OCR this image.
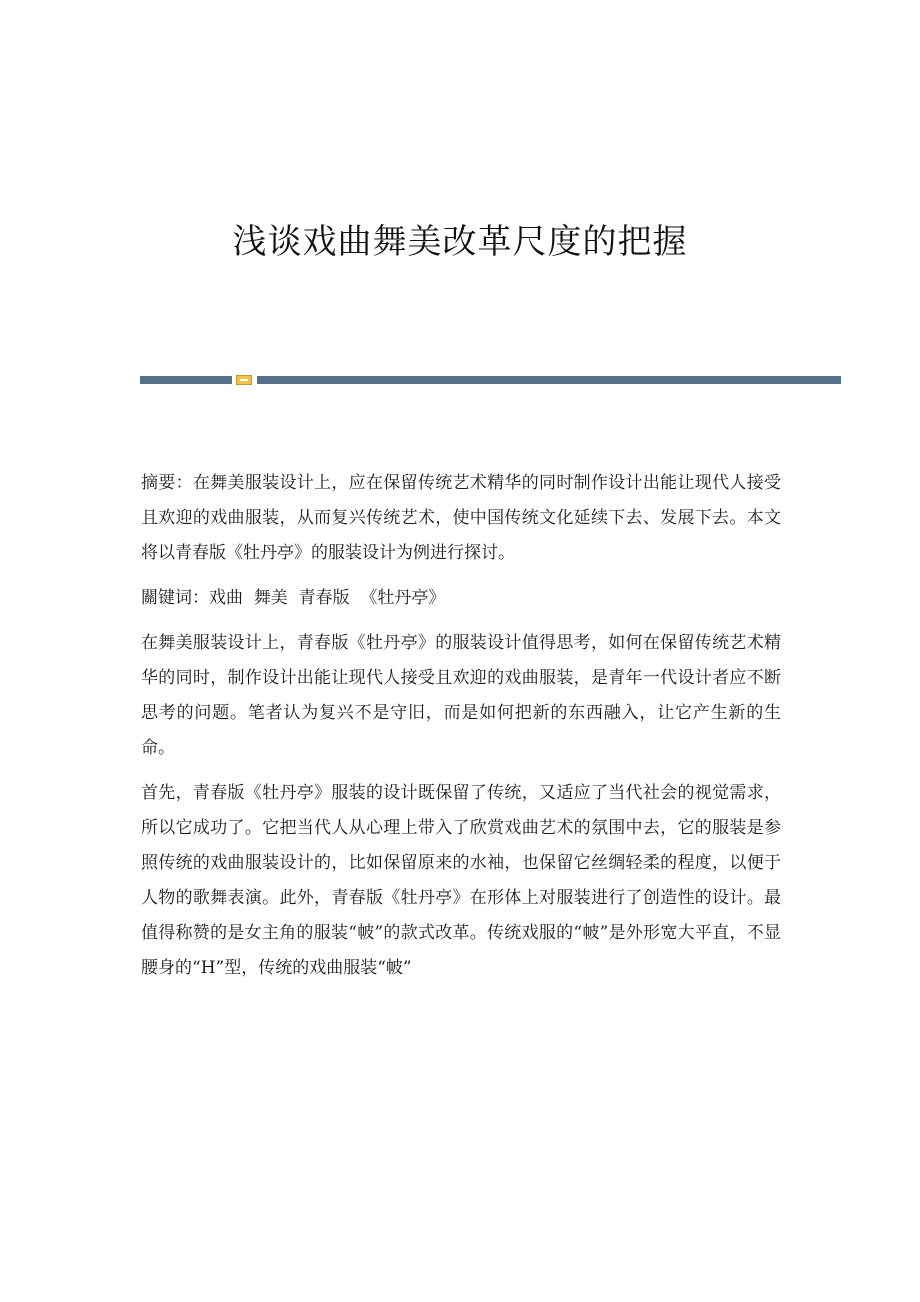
浅谈戏曲舞美改革尺度的把握

摘要：在舞美服装设计上，应在保留传统艺术精华的同时制作设计出能让现代人接受且欢迎的戏曲服装，从而复兴传统艺术，使中国传统文化延续下去、发展下去。本文将以青春版《牡丹亭》的服装设计为例进行探讨。

關键词：戏曲  舞美  青春版  《牡丹亭》

在舞美服装设计上，青春版《牡丹亭》的服装设计值得思考，如何在保留传统艺术精华的同时，制作设计出能让现代人接受且欢迎的戏曲服装，是青年一代设计者应不断思考的问题。笔者认为复兴不是守旧，而是如何把新的东西融入，让它产生新的生命。

首先，青春版《牡丹亭》服装的设计既保留了传统，又适应了当代社会的视觉需求，所以它成功了。它把当代人从心理上带入了欣赏戏曲艺术的氛围中去，它的服装是参照传统的戏曲服装设计的，比如保留原来的水袖，也保留它丝绸轻柔的程度，以便于人物的歌舞表演。此外，青春版《牡丹亭》在形体上对服装进行了创造性的设计。最值得称赞的是女主角的服装“帔”的款式改革。传统戏服的“帔”是外形宽大平直，不显腰身的“H”型，传统的戏曲服装“帔”
